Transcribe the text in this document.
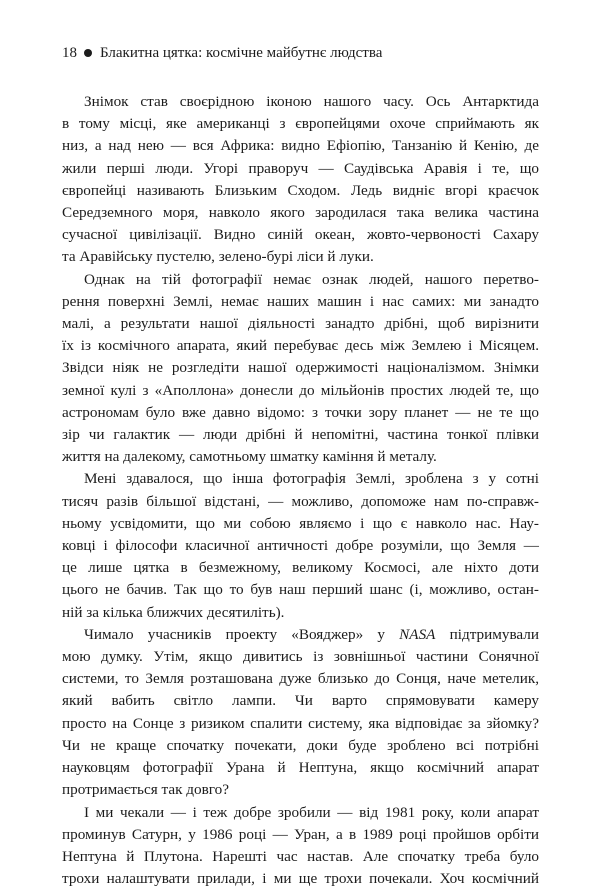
18 Блакитна цятка: космічне майбутнє людства
Знімок став своєрідною іконою нашого часу. Ось Антарктида
в тому місці, яке американці з європейцями охоче сприймають як
низ, а над нею — вся Африка: видно Ефіопію, Танзанію й Кенію, де
жили перші люди. Угорі праворуч — Саудівська Аравія і те, що
європейці називають Близьким Сходом. Ледь видніє вгорі краєчок
Середземного моря, навколо якого зародилася така велика частина
сучасної цивілізації. Видно синій океан, жовто-червоності Сахару
та Аравійську пустелю, зелено-бурі ліси й луки.
Однак на тій фотографії немає ознак людей, нашого перетво-
рення поверхні Землі, немає наших машин і нас самих: ми занадто
малі, а результати нашої діяльності занадто дрібні, щоб вирізнити
їх із космічного апарата, який перебуває десь між Землею і Місяцем.
Звідси ніяк не розгледіти нашої одержимості націоналізмом. Знімки
земної кулі з «Аполлона» донесли до мільйонів простих людей те, що
астрономам було вже давно відомо: з точки зору планет — не те що
зір чи галактик — люди дрібні й непомітні, частина тонкої плівки
життя на далекому, самотньому шматку каміння й металу.
Мені здавалося, що інша фотографія Землі, зроблена з у сотні
тисяч разів більшої відстані, — можливо, допоможе нам по-справж-
ньому усвідомити, що ми собою являємо і що є навколо нас. Нау-
ковці і філософи класичної античності добре розуміли, що Земля —
це лише цятка в безмежному, великому Космосі, але ніхто доти
цього не бачив. Так що то був наш перший шанс (і, можливо, остан-
ній за кілька ближчих десятиліть).
Чимало учасників проекту «Вояджер» у NASA підтримували
мою думку. Утім, якщо дивитись із зовнішньої частини Сонячної
системи, то Земля розташована дуже близько до Сонця, наче метелик,
який вабить світло лампи. Чи варто спрямовувати камеру
просто на Сонце з ризиком спалити систему, яка відповідає за зйомку?
Чи не краще спочатку почекати, доки буде зроблено всі потрібні
науковцям фотографії Урана й Нептуна, якщо космічний апарат
протримається так довго?
І ми чекали — і теж добре зробили — від 1981 року, коли апарат
проминув Сатурн, у 1986 році — Уран, а в 1989 році пройшов орбіти
Нептуна й Плутона. Нарешті час настав. Але спочатку треба було
трохи налаштувати прилади, і ми ще трохи почекали. Хоч космічний
